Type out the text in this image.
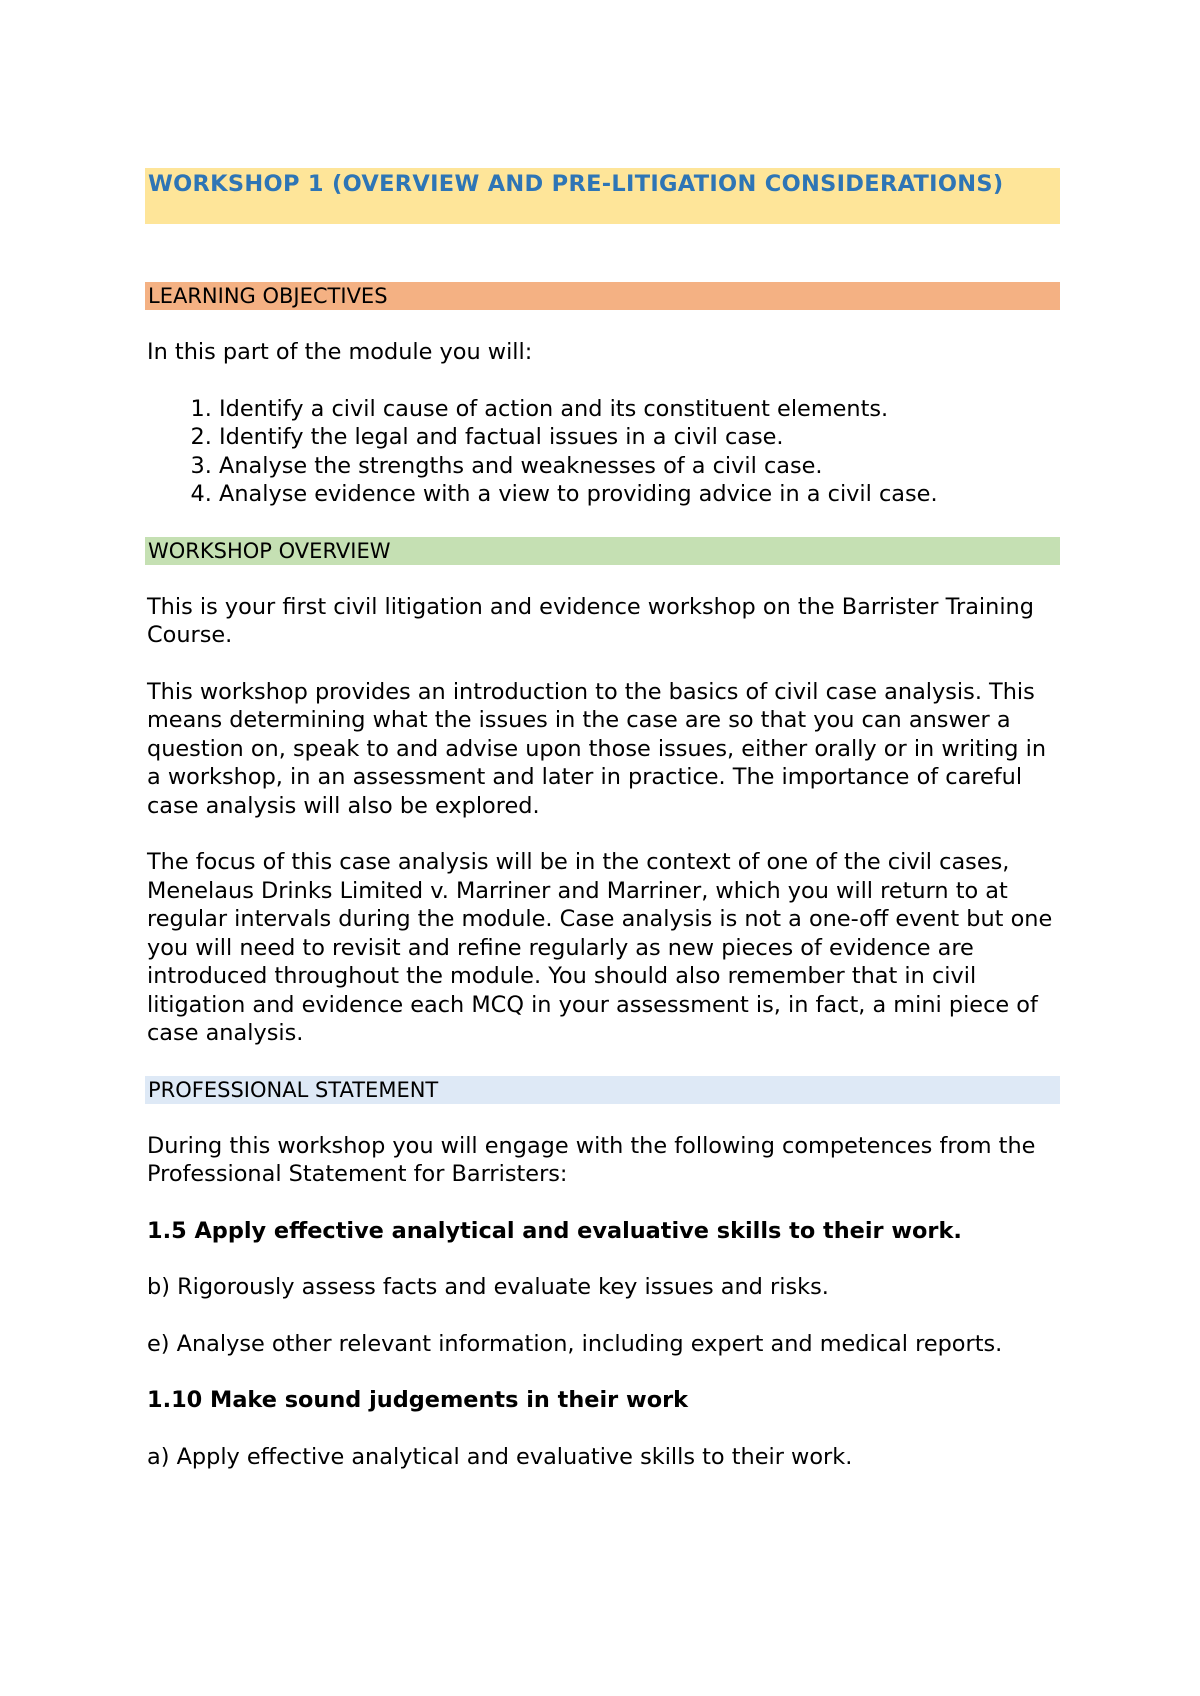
WORKSHOP 1 (OVERVIEW AND PRE-LITIGATION CONSIDERATIONS)

LEARNING OBJECTIVES

In this part of the module you will:

1. Identify a civil cause of action and its constituent elements.
2. Identify the legal and factual issues in a civil case.
3. Analyse the strengths and weaknesses of a civil case.
4. Analyse evidence with a view to providing advice in a civil case.
WORKSHOP OVERVIEW

This is your first civil litigation and evidence workshop on the Barrister Training Course.

This workshop provides an introduction to the basics of civil case analysis. This means determining what the issues in the case are so that you can answer a question on, speak to and advise upon those issues, either orally or in writing in a workshop, in an assessment and later in practice. The importance of careful case analysis will also be explored.

The focus of this case analysis will be in the context of one of the civil cases, Menelaus Drinks Limited v. Marriner and Marriner, which you will return to at regular intervals during the module. Case analysis is not a one-off event but one you will need to revisit and refine regularly as new pieces of evidence are introduced throughout the module. You should also remember that in civil litigation and evidence each MCQ in your assessment is, in fact, a mini piece of case analysis.

PROFESSIONAL STATEMENT

During this workshop you will engage with the following competences from the Professional Statement for Barristers:

1.5 Apply effective analytical and evaluative skills to their work.

b) Rigorously assess facts and evaluate key issues and risks.

e) Analyse other relevant information, including expert and medical reports.

1.10 Make sound judgements in their work

a) Apply effective analytical and evaluative skills to their work.
